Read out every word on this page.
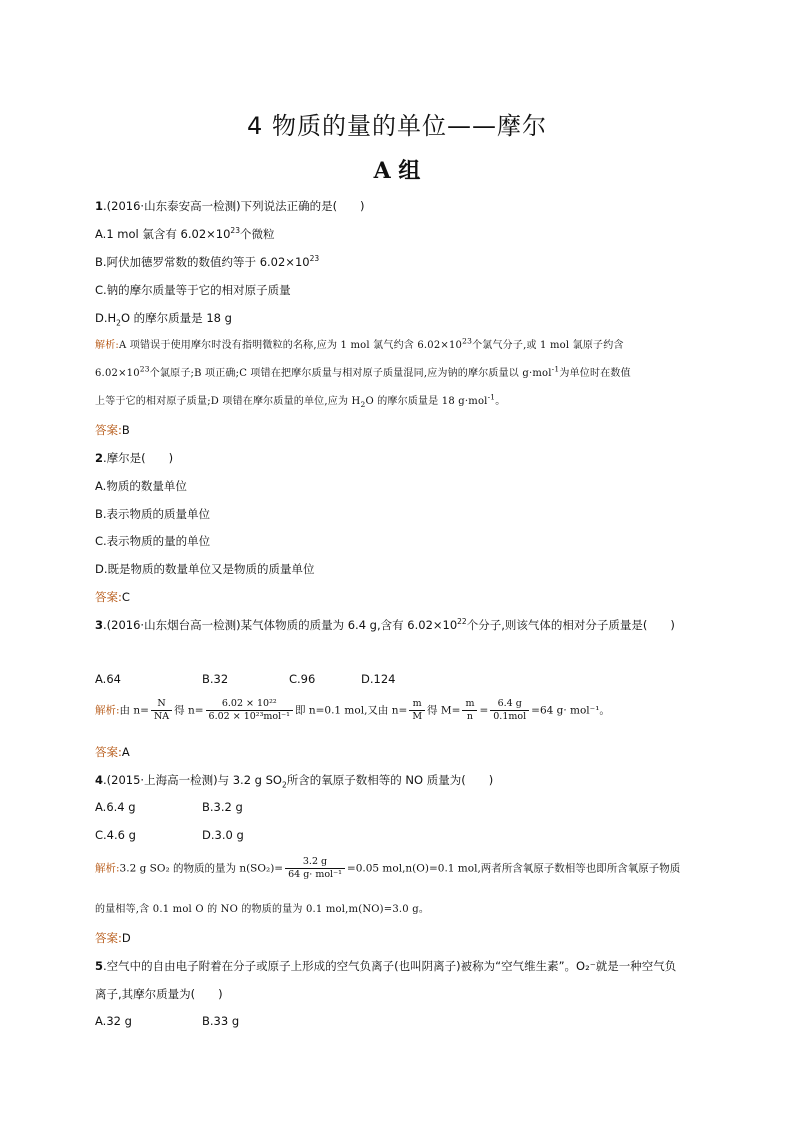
4 物质的量的单位——摩尔
A 组
1.(2016·山东泰安高一检测)下列说法正确的是(　　)
A.1 mol 氯含有 $6.02\times 10^{23}$个微粒
B.阿伏加德罗常数的数值约等于 $6.02\times 10^{23}$
C.钠的摩尔质量等于它的相对原子质量
$D.H_2O$ 的摩尔质量是 18 g
解析:A 项错误于使用摩尔时没有指明微粒的名称,应为 1 mol 氯气约含 $6.02\times 10^{23}$个氯气分子,或 1 mol 氯原子约含
$6.02\times 10^{23}$个氯原子;B 项正确;C 项错在把摩尔质量与相对原子质量混同,应为钠的摩尔质量以 g·mol$^{-1}$为单位时在数值
上等于它的相对原子质量;D 项错在摩尔质量的单位,应为 $H_2O$ 的摩尔质量是 18 g·mol$^{-1}$。
答案:B
2.摩尔是(　　)
A.物质的数量单位
B.表示物质的质量单位
C.表示物质的量的单位
D.既是物质的数量单位又是物质的质量单位
答案:C
3.(2016·山东烟台高一检测)某气体物质的质量为 6.4 g,含有 $6.02\times 10^{22}$个分子,则该气体的相对分子质量是(　　)
A.64	B.32	C.96	D.124
解析:由 $n= \frac{N}{NA}$ 得 $n= \frac{\text{6.02 × 10²²}}{\text{6.02 × 10²³mol⁻¹}}$ 即 n=0.1 mol,又由 $n= \frac{m}{M}$ 得 $M= \frac{m}{n} = \frac{6.4 g}{\text{0.1mol}} =64$ g· mol⁻¹。
答案:A
4.(2015·上海高一检测)与 3.2 g $SO_2$所含的氧原子数相等的 NO 质量为(　　)
A.6.4 g	B.3.2 g
C.4.6 g	D.3.0 g
解析:3.2 g SO₂ 的物质的量为 $n(SO_2)= \frac{3.2 g}{\text{64 g· mol⁻¹}} =0.05$ mol,n(O)=0.1 mol,两者所含氧原子数相等也即所含氧原子物质
的量相等,含 0.1 mol O 的 NO 的物质的量为 0.1 mol,m(NO)=3.0 g。
答案:D
5.空气中的自由电子附着在分子或原子上形成的空气负离子(也叫阴离子)被称为“空气维生素”。O₂⁻就是一种空气负
离子,其摩尔质量为(　　)
A.32 g	B.33 g
